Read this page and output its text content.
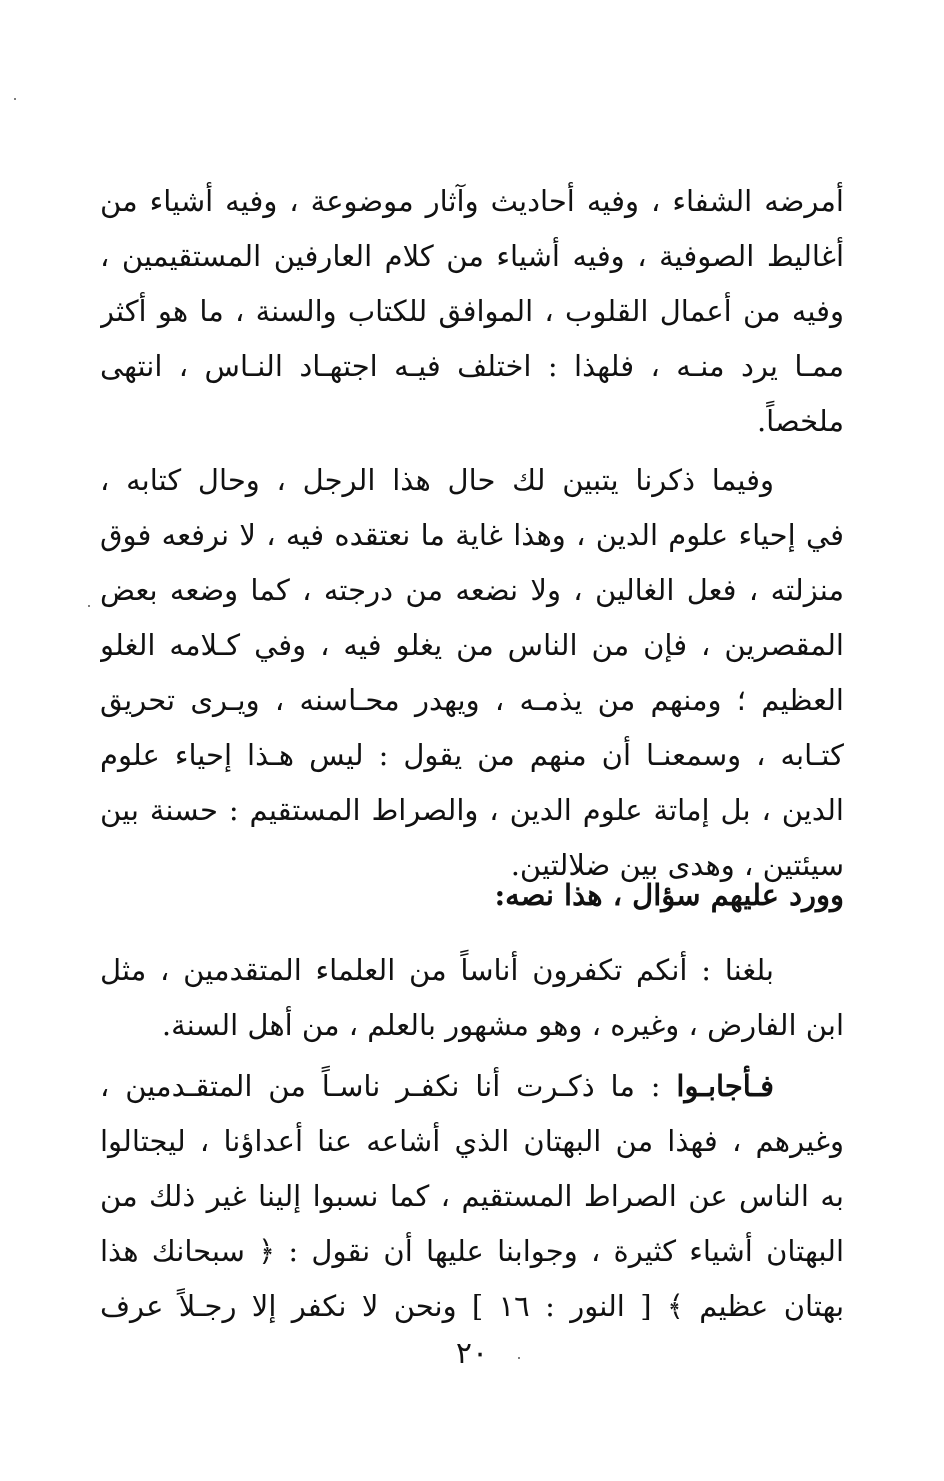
أمرضه الشفاء ، وفيه أحاديث وآثار موضوعة ، وفيه أشياء من
أغاليط الصوفية ، وفيه أشياء من كلام العارفين المستقيمين ،
وفيه من أعمال القلوب ، الموافق للكتاب والسنة ، ما هو أكثر
ممـا يرد منـه ، فلهذا : اختلف فيـه اجتهـاد النـاس ، انتهى
ملخصاً.
وفيما ذكرنا يتبين لك حال هذا الرجل ، وحال كتابه ،
في إحياء علوم الدين ، وهذا غاية ما نعتقده فيه ، لا نرفعه فوق
منزلته ، فعل الغالين ، ولا نضعه من درجته ، كما وضعه بعض
المقصرين ، فإن من الناس من يغلو فيه ، وفي كـلامه الغلو
العظيم ؛ ومنهم من يذمـه ، ويهدر محـاسنه ، ويـرى تحريق
كتـابه ، وسمعنـا أن منهم من يقول : ليس هـذا إحياء علوم
الدين ، بل إماتة علوم الدين ، والصراط المستقيم : حسنة بين
سيئتين ، وهدى بين ضلالتين.
وورد عليهم سؤال ، هذا نصه:
بلغنا : أنكم تكفرون أناساً من العلماء المتقدمين ، مثل
ابن الفارض ، وغيره ، وهو مشهور بالعلم ، من أهل السنة.
فـأجابـوا : ما ذكـرت أنا نكفـر ناسـاً من المتقـدمين ،
وغيرهم ، فهذا من البهتان الذي أشاعه عنا أعداؤنا ، ليجتالوا
به الناس عن الصراط المستقيم ، كما نسبوا إلينا غير ذلك من
البهتان أشياء كثيرة ، وجوابنا عليها أن نقول : ﴿ سبحانك هذا
بهتان عظيم ﴾ [ النور : ١٦ ] ونحن لا نكفر إلا رجـلاً عرف
٢٠
